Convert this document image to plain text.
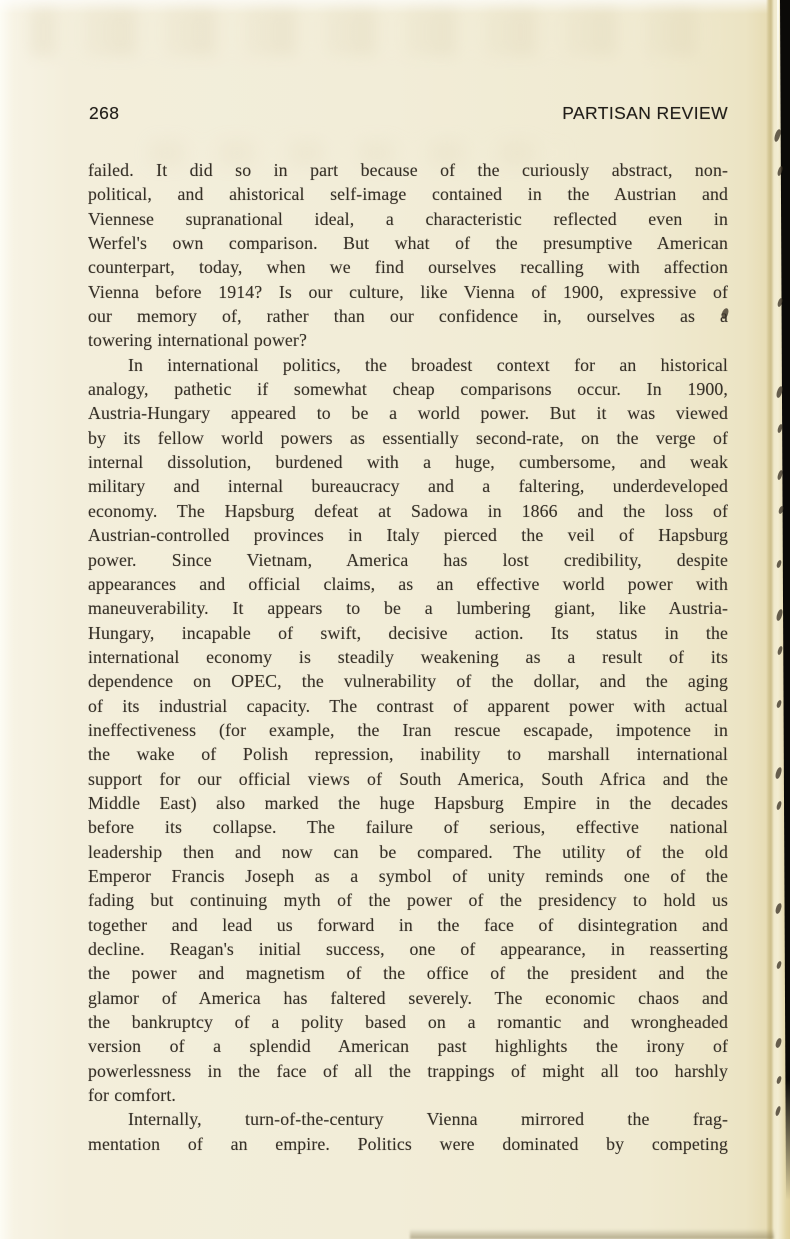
268	PARTISAN REVIEW
failed. It did so in part because of the curiously abstract, non-
political, and ahistorical self-image contained in the Austrian and
Viennese supranational ideal, a characteristic reflected even in
Werfel's own comparison. But what of the presumptive American
counterpart, today, when we find ourselves recalling with affection
Vienna before 1914? Is our culture, like Vienna of 1900, expressive of
our memory of, rather than our confidence in, ourselves as a
towering international power?
In international politics, the broadest context for an historical
analogy, pathetic if somewhat cheap comparisons occur. In 1900,
Austria-Hungary appeared to be a world power. But it was viewed
by its fellow world powers as essentially second-rate, on the verge of
internal dissolution, burdened with a huge, cumbersome, and weak
military and internal bureaucracy and a faltering, underdeveloped
economy. The Hapsburg defeat at Sadowa in 1866 and the loss of
Austrian-controlled provinces in Italy pierced the veil of Hapsburg
power. Since Vietnam, America has lost credibility, despite
appearances and official claims, as an effective world power with
maneuverability. It appears to be a lumbering giant, like Austria-
Hungary, incapable of swift, decisive action. Its status in the
international economy is steadily weakening as a result of its
dependence on OPEC, the vulnerability of the dollar, and the aging
of its industrial capacity. The contrast of apparent power with actual
ineffectiveness (for example, the Iran rescue escapade, impotence in
the wake of Polish repression, inability to marshall international
support for our official views of South America, South Africa and the
Middle East) also marked the huge Hapsburg Empire in the decades
before its collapse. The failure of serious, effective national
leadership then and now can be compared. The utility of the old
Emperor Francis Joseph as a symbol of unity reminds one of the
fading but continuing myth of the power of the presidency to hold us
together and lead us forward in the face of disintegration and
decline. Reagan's initial success, one of appearance, in reasserting
the power and magnetism of the office of the president and the
glamor of America has faltered severely. The economic chaos and
the bankruptcy of a polity based on a romantic and wrongheaded
version of a splendid American past highlights the irony of
powerlessness in the face of all the trappings of might all too harshly
for comfort.
Internally, turn-of-the-century Vienna mirrored the frag-
mentation of an empire. Politics were dominated by competing
